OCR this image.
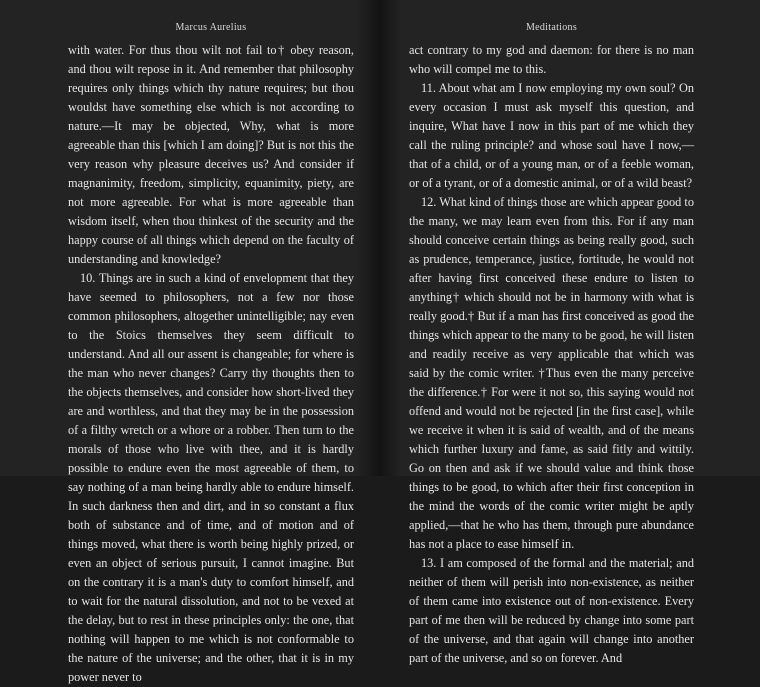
Marcus Aurelius

with water. For thus thou wilt not fail to† obey reason, and thou wilt repose in it. And remember that philosophy requires only things which thy nature requires; but thou wouldst have something else which is not according to nature.—It may be objected, Why, what is more agreeable than this [which I am doing]? But is not this the very reason why pleasure deceives us? And consider if magnanimity, freedom, simplicity, equanimity, piety, are not more agreeable. For what is more agreeable than wisdom itself, when thou thinkest of the security and the happy course of all things which depend on the faculty of understanding and knowledge?

10. Things are in such a kind of envelopment that they have seemed to philosophers, not a few nor those common philosophers, altogether unintelligible; nay even to the Stoics themselves they seem difficult to understand. And all our assent is changeable; for where is the man who never changes? Carry thy thoughts then to the objects themselves, and consider how short-lived they are and worthless, and that they may be in the possession of a filthy wretch or a whore or a robber. Then turn to the morals of those who live with thee, and it is hardly possible to endure even the most agreeable of them, to say nothing of a man being hardly able to endure himself. In such darkness then and dirt, and in so constant a flux both of substance and of time, and of motion and of things moved, what there is worth being highly prized, or even an object of serious pursuit, I cannot imagine. But on the contrary it is a man's duty to comfort himself, and to wait for the natural dissolution, and not to be vexed at the delay, but to rest in these principles only: the one, that nothing will happen to me which is not conformable to the nature of the universe; and the other, that it is in my power never to

Meditations

act contrary to my god and daemon: for there is no man who will compel me to this.

11. About what am I now employing my own soul? On every occasion I must ask myself this question, and inquire, What have I now in this part of me which they call the ruling principle? and whose soul have I now,—that of a child, or of a young man, or of a feeble woman, or of a tyrant, or of a domestic animal, or of a wild beast?

12. What kind of things those are which appear good to the many, we may learn even from this. For if any man should conceive certain things as being really good, such as prudence, temperance, justice, fortitude, he would not after having first conceived these endure to listen to anything† which should not be in harmony with what is really good.† But if a man has first conceived as good the things which appear to the many to be good, he will listen and readily receive as very applicable that which was said by the comic writer. †Thus even the many perceive the difference.† For were it not so, this saying would not offend and would not be rejected [in the first case], while we receive it when it is said of wealth, and of the means which further luxury and fame, as said fitly and wittily. Go on then and ask if we should value and think those things to be good, to which after their first conception in the mind the words of the comic writer might be aptly applied,—that he who has them, through pure abundance has not a place to ease himself in.

13. I am composed of the formal and the material; and neither of them will perish into non-existence, as neither of them came into existence out of non-existence. Every part of me then will be reduced by change into some part of the universe, and that again will change into another part of the universe, and so on forever. And
